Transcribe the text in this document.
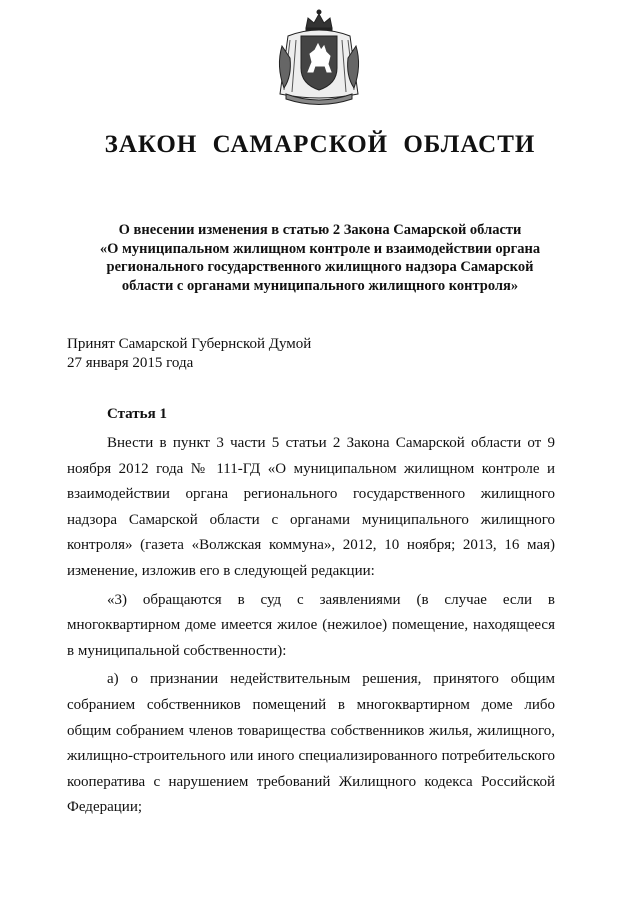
ЗАКОН САМАРСКОЙ ОБЛАСТИ
О внесении изменения в статью 2 Закона Самарской области
«О муниципальном жилищном контроле и взаимодействии органа
регионального государственного жилищного надзора Самарской
области с органами муниципального жилищного контроля»
Принят Самарской Губернской Думой
27 января 2015 года
Статья 1

Внести в пункт 3 части 5 статьи 2 Закона Самарской области от 9 ноября 2012 года № 111-ГД «О муниципальном жилищном контроле и взаимодействии органа регионального государственного жилищного надзора Самарской области с органами муниципального жилищного контроля» (газета «Волжская коммуна», 2012, 10 ноября; 2013, 16 мая) изменение, изложив его в следующей редакции:

«3) обращаются в суд с заявлениями (в случае если в многоквартирном доме имеется жилое (нежилое) помещение, находящееся в муниципальной собственности):

а) о признании недействительным решения, принятого общим собранием собственников помещений в многоквартирном доме либо общим собранием членов товарищества собственников жилья, жилищного, жилищно-строительного или иного специализированного потребительского кооператива с нарушением требований Жилищного кодекса Российской Федерации;
